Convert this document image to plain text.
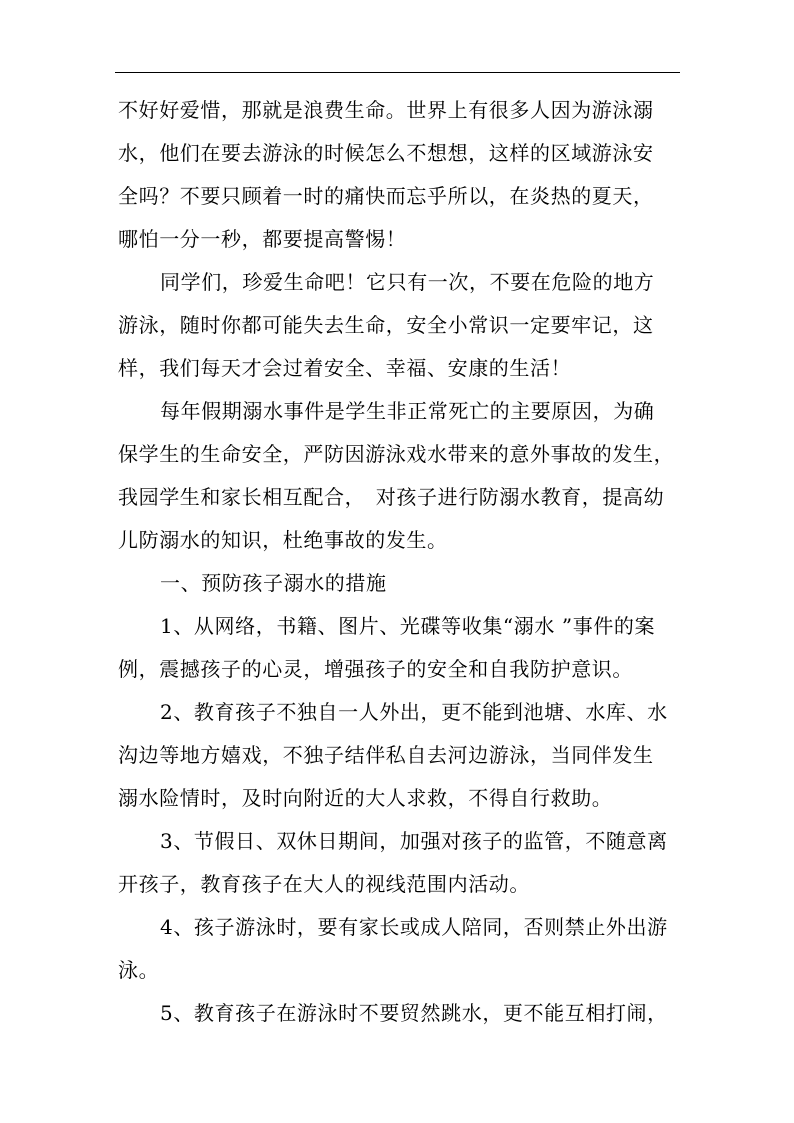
不好好爱惜，那就是浪费生命。世界上有很多人因为游泳溺
水，他们在要去游泳的时候怎么不想想，这样的区域游泳安
全吗？不要只顾着一时的痛快而忘乎所以，在炎热的夏天，
哪怕一分一秒，都要提高警惕！
同学们，珍爱生命吧！它只有一次，不要在危险的地方
游泳，随时你都可能失去生命，安全小常识一定要牢记，这
样，我们每天才会过着安全、幸福、安康的生活！
每年假期溺水事件是学生非正常死亡的主要原因，为确
保学生的生命安全，严防因游泳戏水带来的意外事故的发生，
我园学生和家长相互配合，　对孩子进行防溺水教育，提高幼
儿防溺水的知识，杜绝事故的发生。
一、预防孩子溺水的措施
1、从网络，书籍、图片、光碟等收集“溺水 ”事件的案
例，震撼孩子的心灵，增强孩子的安全和自我防护意识。
2、教育孩子不独自一人外出，更不能到池塘、水库、水
沟边等地方嬉戏，不独子结伴私自去河边游泳，当同伴发生
溺水险情时，及时向附近的大人求救，不得自行救助。
3、节假日、双休日期间，加强对孩子的监管，不随意离
开孩子，教育孩子在大人的视线范围内活动。
4、孩子游泳时，要有家长或成人陪同，否则禁止外出游
泳。
5、教育孩子在游泳时不要贸然跳水，更不能互相打闹，
